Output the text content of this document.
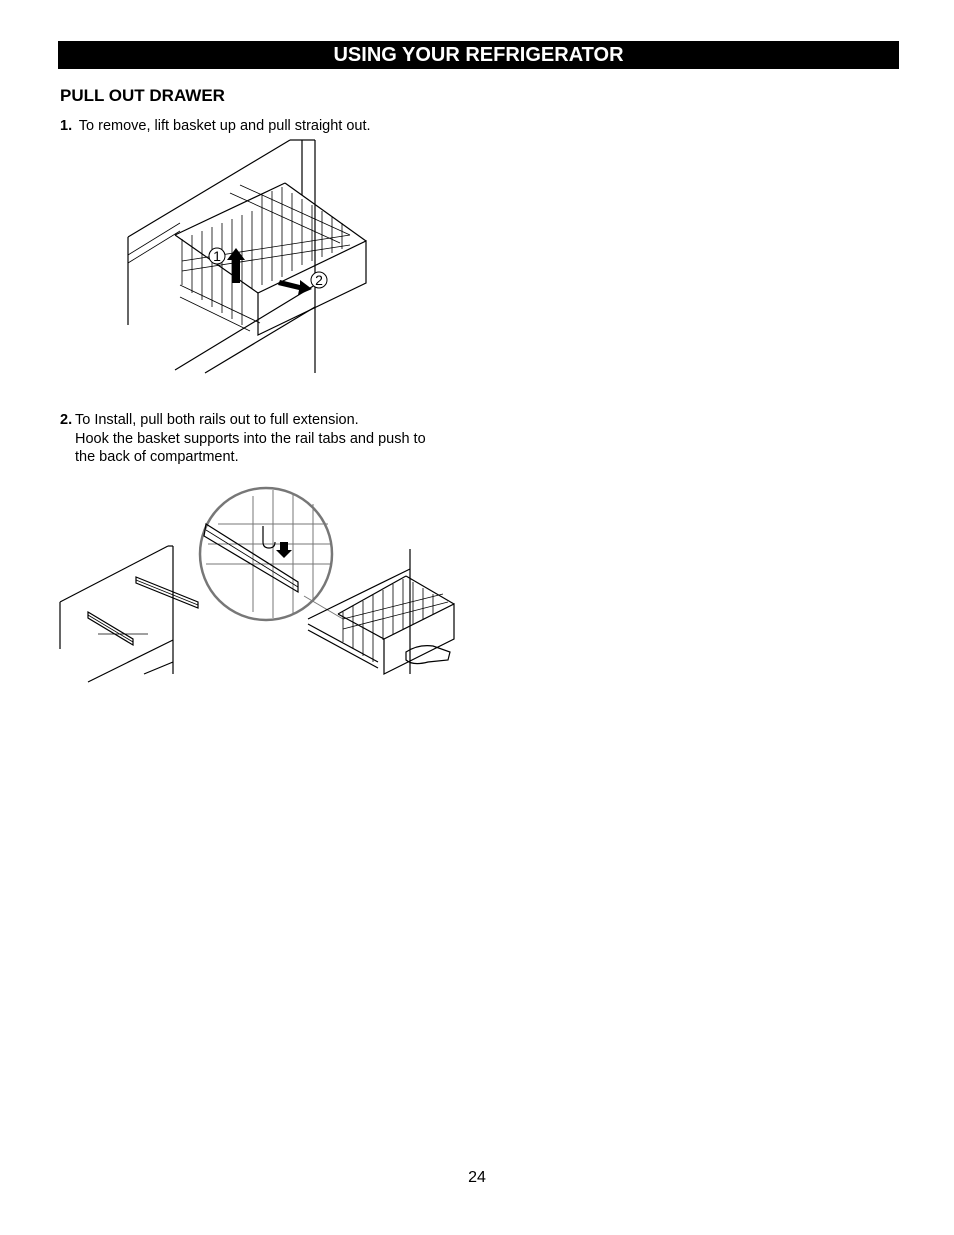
USING YOUR REFRIGERATOR
PULL OUT DRAWER
1. To remove, lift basket up and pull straight out.
1
2
2. To Install, pull both rails out to full extension.
Hook the basket supports into the rail tabs and push to
the back of compartment.
24
